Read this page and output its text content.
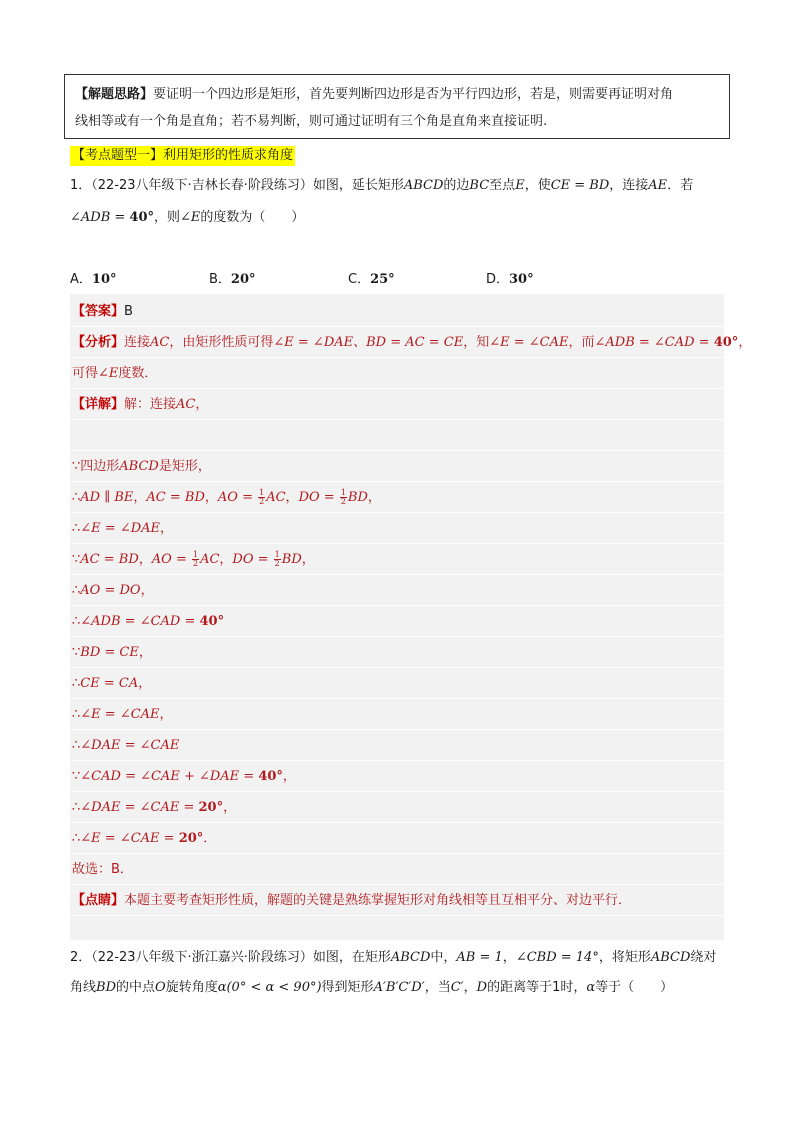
【解题思路】要证明一个四边形是矩形，首先要判断四边形是否为平行四边形，若是，则需要再证明对角
线相等或有一个角是直角；若不易判断，则可通过证明有三个角是直角来直接证明.
【考点题型一】利用矩形的性质求角度
1．（22-23八年级下·吉林长春·阶段练习）如图，延长矩形ABCD的边BC至点E，使CE = BD，连接AE．若
∠ADB = 40°，则∠E的度数为（　　）
A．10°	B．20°	C．25°	D．30°
【答案】B
【分析】连接AC，由矩形性质可得∠E = ∠DAE、BD = AC = CE，知∠E = ∠CAE，而∠ADB = ∠CAD = 40°，
可得∠E度数．
【详解】解：连接AC，
∵四边形ABCD是矩形，
∴AD ∥ BE，AC = BD，AO = $\frac{1}{2}$ AC，DO = $\frac{1}{2}$ BD，
∴∠E = ∠DAE，
∵AC = BD，AO = $\frac{1}{2}$ AC，DO = $\frac{1}{2}$ BD，
∴AO = DO，
∴∠ADB = ∠CAD = 40°
∵BD = CE，
∴CE = CA，
∴∠E = ∠CAE，
∴∠DAE = ∠CAE
∵∠CAD = ∠CAE + ∠DAE = 40°，
∴∠DAE = ∠CAE = 20°，
∴∠E = ∠CAE = 20°．
故选：B．
【点睛】本题主要考查矩形性质，解题的关键是熟练掌握矩形对角线相等且互相平分、对边平行．
2．（22-23八年级下·浙江嘉兴·阶段练习）如图，在矩形ABCD中，AB = 1，∠CBD = 14°，将矩形ABCD绕对
角线BD的中点O旋转角度α(0° < α < 90°)得到矩形A′B′C′D′，当C′，D的距离等于1时，α等于（　　）
